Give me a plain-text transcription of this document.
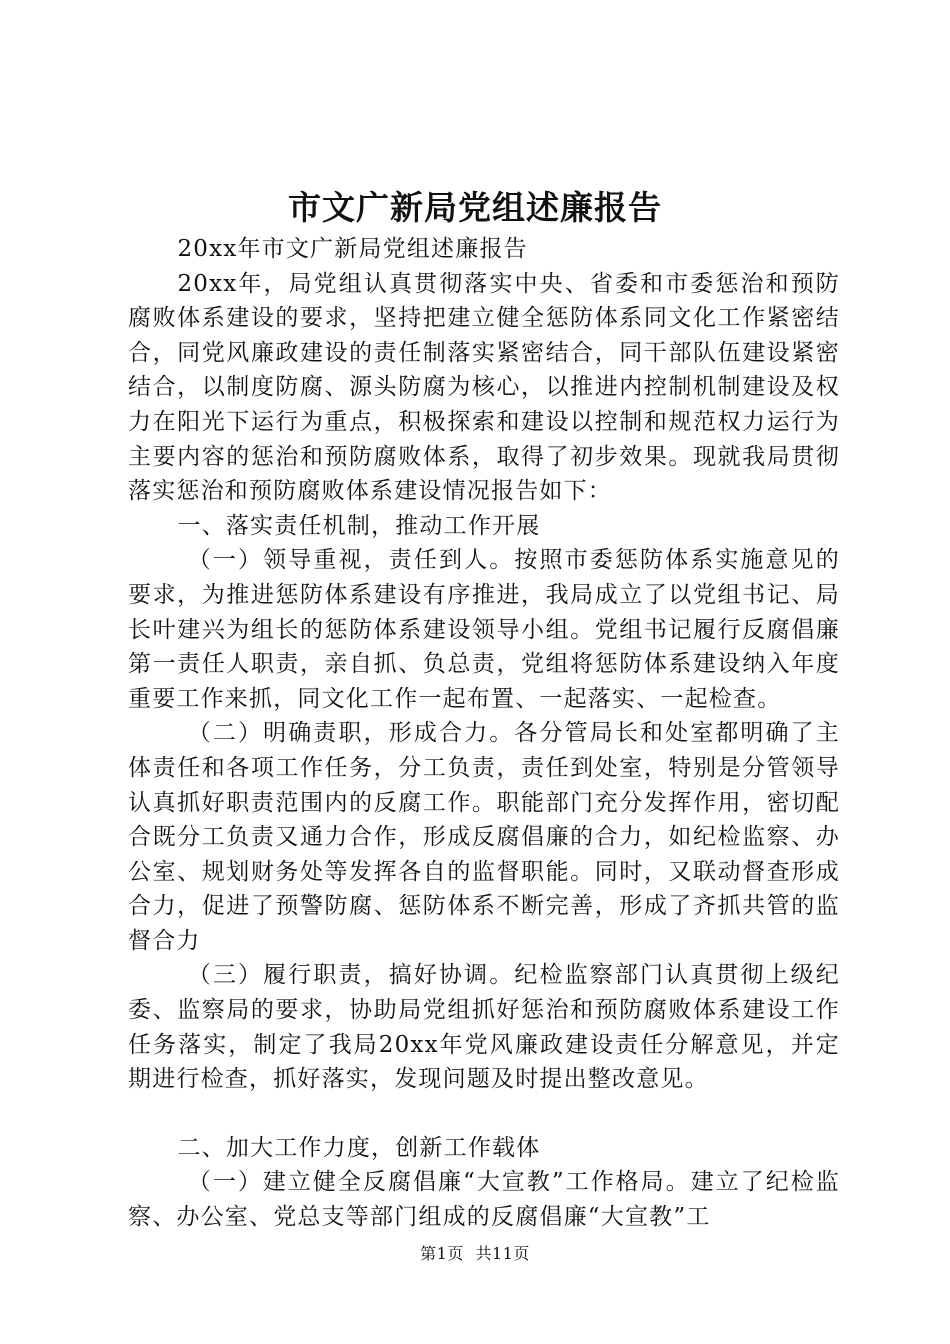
市文广新局党组述廉报告

20xx年市文广新局党组述廉报告

20xx年，局党组认真贯彻落实中央、省委和市委惩治和预防腐败体系建设的要求，坚持把建立健全惩防体系同文化工作紧密结合，同党风廉政建设的责任制落实紧密结合，同干部队伍建设紧密结合，以制度防腐、源头防腐为核心，以推进内控制机制建设及权力在阳光下运行为重点，积极探索和建设以控制和规范权力运行为主要内容的惩治和预防腐败体系，取得了初步效果。现就我局贯彻落实惩治和预防腐败体系建设情况报告如下：

一、落实责任机制，推动工作开展

（一）领导重视，责任到人。按照市委惩防体系实施意见的要求，为推进惩防体系建设有序推进，我局成立了以党组书记、局长叶建兴为组长的惩防体系建设领导小组。党组书记履行反腐倡廉第一责任人职责，亲自抓、负总责，党组将惩防体系建设纳入年度重要工作来抓，同文化工作一起布置、一起落实、一起检查。

（二）明确责职，形成合力。各分管局长和处室都明确了主体责任和各项工作任务，分工负责，责任到处室，特别是分管领导认真抓好职责范围内的反腐工作。职能部门充分发挥作用，密切配合既分工负责又通力合作，形成反腐倡廉的合力，如纪检监察、办公室、规划财务处等发挥各自的监督职能。同时，又联动督查形成合力，促进了预警防腐、惩防体系不断完善，形成了齐抓共管的监督合力

（三）履行职责，搞好协调。纪检监察部门认真贯彻上级纪委、监察局的要求，协助局党组抓好惩治和预防腐败体系建设工作任务落实，制定了我局20xx年党风廉政建设责任分解意见，并定期进行检查，抓好落实，发现问题及时提出整改意见。

二、加大工作力度，创新工作载体

（一）建立健全反腐倡廉“大宣教”工作格局。建立了纪检监察、办公室、党总支等部门组成的反腐倡廉“大宣教”工

第1页 共11页
